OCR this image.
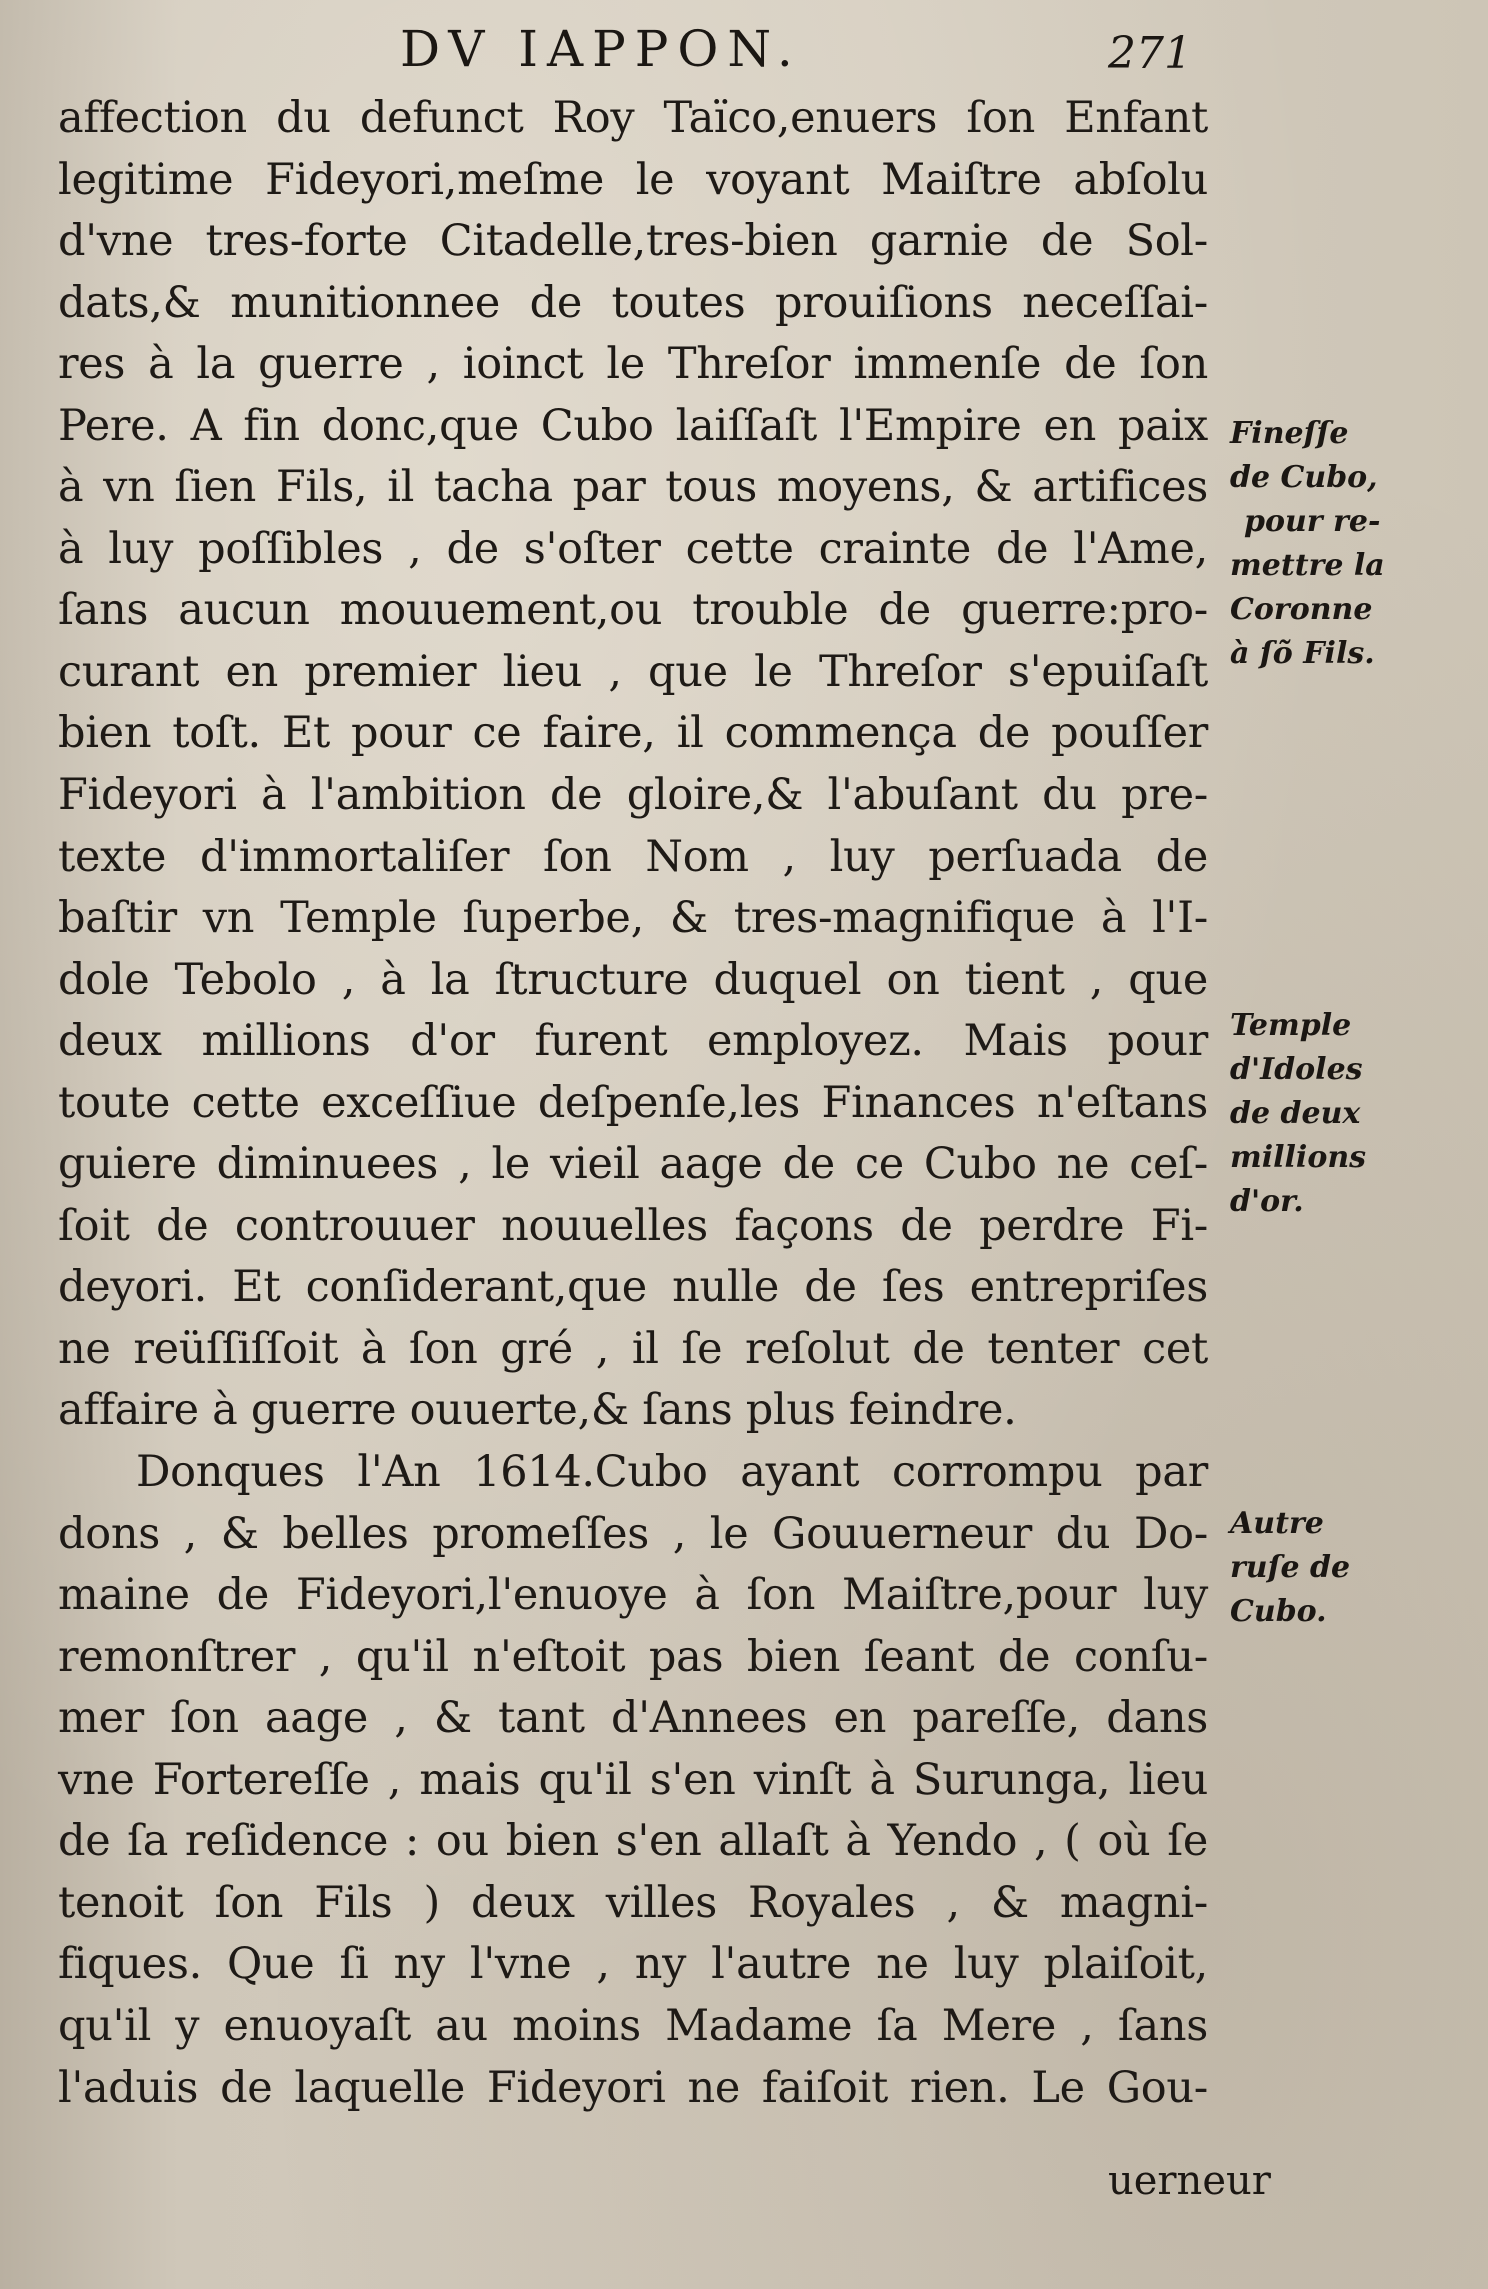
DV IAPPON.	271
affection du defunct Roy Taïco,enuers ſon Enfant
legitime Fideyori,meſme le voyant Maiſtre abſolu
d'vne tres-forte Citadelle,tres-bien garnie de Sol-
dats,& munitionnee de toutes prouiſions neceſſai-
res à la guerre , ioinct le Threſor immenſe de ſon
Pere. A fin donc,que Cubo laiſſaſt l'Empire en paix
à vn ſien Fils, il tacha par tous moyens, & artifices
à luy poſſibles , de s'oſter cette crainte de l'Ame,
ſans aucun mouuement,ou trouble de guerre:pro-
curant en premier lieu , que le Threſor s'epuiſaſt
bien toſt. Et pour ce faire, il commença de pouſſer
Fideyori à l'ambition de gloire,& l'abuſant du pre-
texte d'immortaliſer ſon Nom , luy perſuada de
baſtir vn Temple ſuperbe, & tres-magnifique à l'I-
dole Tebolo , à la ſtructure duquel on tient , que
deux millions d'or furent employez. Mais pour
toute cette exceſſiue deſpenſe,les Finances n'eſtans
guiere diminuees , le vieil aage de ce Cubo ne ceſ-
ſoit de controuuer nouuelles façons de perdre Fi-
deyori. Et conſiderant,que nulle de ſes entrepriſes
ne reüſſiſſoit à ſon gré , il ſe reſolut de tenter cet
affaire à guerre ouuerte,& ſans plus feindre.
Donques l'An 1614.Cubo ayant corrompu par
dons , & belles promeſſes , le Gouuerneur du Do-
maine de Fideyori,l'enuoye à ſon Maiſtre,pour luy
remonſtrer , qu'il n'eſtoit pas bien ſeant de conſu-
mer ſon aage , & tant d'Annees en pareſſe, dans
vne Fortereſſe , mais qu'il s'en vinſt à Surunga, lieu
de ſa reſidence : ou bien s'en allaſt à Yendo , ( où ſe
tenoit ſon Fils ) deux villes Royales , & magni-
fiques. Que ſi ny l'vne , ny l'autre ne luy plaiſoit,
qu'il y enuoyaſt au moins Madame ſa Mere , ſans
l'aduis de laquelle Fideyori ne faiſoit rien. Le Gou-
Fineſſe
de Cubo,
pour re-
mettre la
Coronne
à ſõ Fils.
Temple
d'Idoles
de deux
millions
d'or.
Autre
ruſe de
Cubo.
uerneur
